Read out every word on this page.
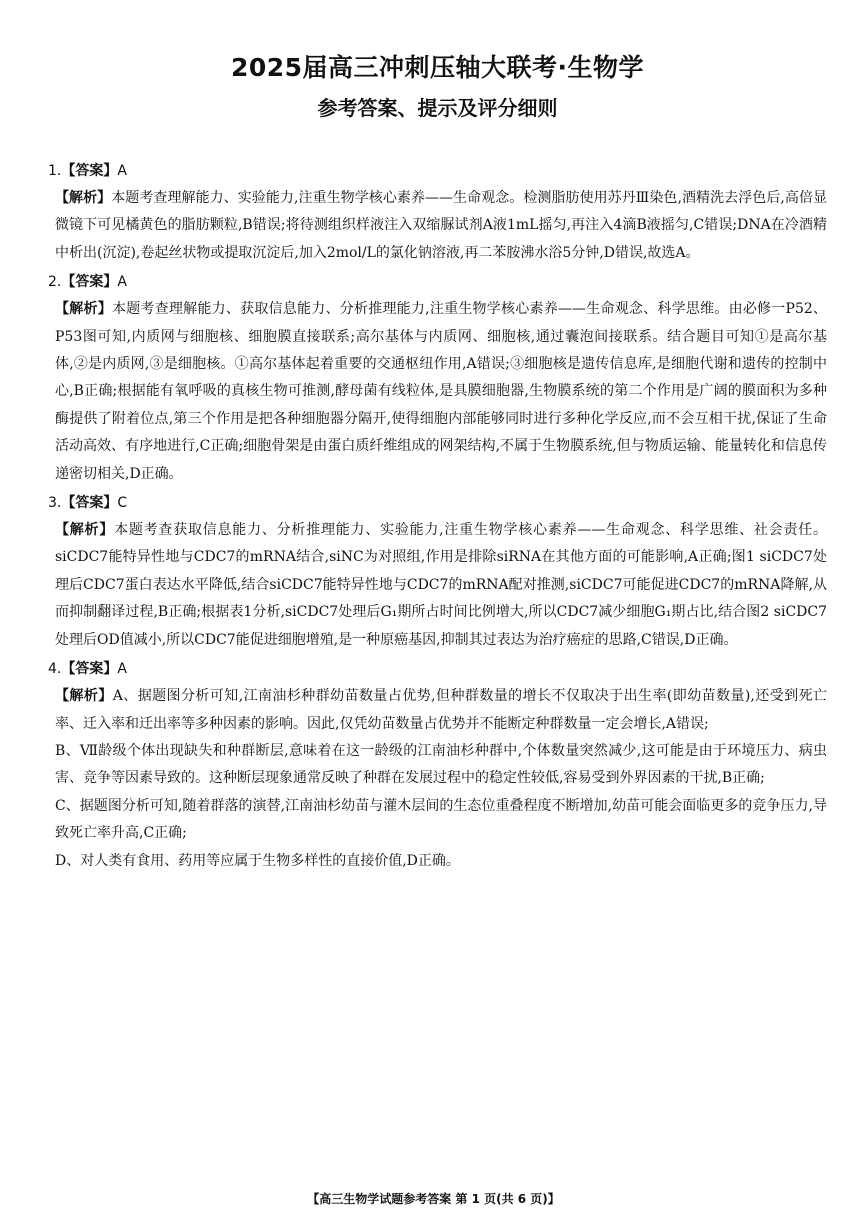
2025届高三冲刺压轴大联考·生物学
参考答案、提示及评分细则
1.【答案】A

【解析】本题考查理解能力、实验能力,注重生物学核心素养——生命观念。检测脂肪使用苏丹Ⅲ染色,酒精洗去浮色后,高倍显微镜下可见橘黄色的脂肪颗粒,B错误;将待测组织样液注入双缩脲试剂A液1mL摇匀,再注入4滴B液摇匀,C错误;DNA在冷酒精中析出(沉淀),卷起丝状物或提取沉淀后,加入2mol/L的氯化钠溶液,再二苯胺沸水浴5分钟,D错误,故选A。

2.【答案】A

【解析】本题考查理解能力、获取信息能力、分析推理能力,注重生物学核心素养——生命观念、科学思维。由必修一P52、P53图可知,内质网与细胞核、细胞膜直接联系;高尔基体与内质网、细胞核,通过囊泡间接联系。结合题目可知①是高尔基体,②是内质网,③是细胞核。①高尔基体起着重要的交通枢纽作用,A错误;③细胞核是遗传信息库,是细胞代谢和遗传的控制中心,B正确;根据能有氧呼吸的真核生物可推测,酵母菌有线粒体,是具膜细胞器,生物膜系统的第二个作用是广阔的膜面积为多种酶提供了附着位点,第三个作用是把各种细胞器分隔开,使得细胞内部能够同时进行多种化学反应,而不会互相干扰,保证了生命活动高效、有序地进行,C正确;细胞骨架是由蛋白质纤维组成的网架结构,不属于生物膜系统,但与物质运输、能量转化和信息传递密切相关,D正确。

3.【答案】C

【解析】本题考查获取信息能力、分析推理能力、实验能力,注重生物学核心素养——生命观念、科学思维、社会责任。siCDC7能特异性地与CDC7的mRNA结合,siNC为对照组,作用是排除siRNA在其他方面的可能影响,A正确;图1 siCDC7处理后CDC7蛋白表达水平降低,结合siCDC7能特异性地与CDC7的mRNA配对推测,siCDC7可能促进CDC7的mRNA降解,从而抑制翻译过程,B正确;根据表1分析,siCDC7处理后G₁期所占时间比例增大,所以CDC7减少细胞G₁期占比,结合图2 siCDC7处理后OD值减小,所以CDC7能促进细胞增殖,是一种原癌基因,抑制其过表达为治疗癌症的思路,C错误,D正确。

4.【答案】A

【解析】A、据题图分析可知,江南油杉种群幼苗数量占优势,但种群数量的增长不仅取决于出生率(即幼苗数量),还受到死亡率、迁入率和迁出率等多种因素的影响。因此,仅凭幼苗数量占优势并不能断定种群数量一定会增长,A错误;

B、Ⅶ龄级个体出现缺失和种群断层,意味着在这一龄级的江南油杉种群中,个体数量突然减少,这可能是由于环境压力、病虫害、竞争等因素导致的。这种断层现象通常反映了种群在发展过程中的稳定性较低,容易受到外界因素的干扰,B正确;

C、据题图分析可知,随着群落的演替,江南油杉幼苗与灌木层间的生态位重叠程度不断增加,幼苗可能会面临更多的竞争压力,导致死亡率升高,C正确;

D、对人类有食用、药用等应属于生物多样性的直接价值,D正确。

【高三生物学试题参考答案 第 1 页(共 6 页)】
